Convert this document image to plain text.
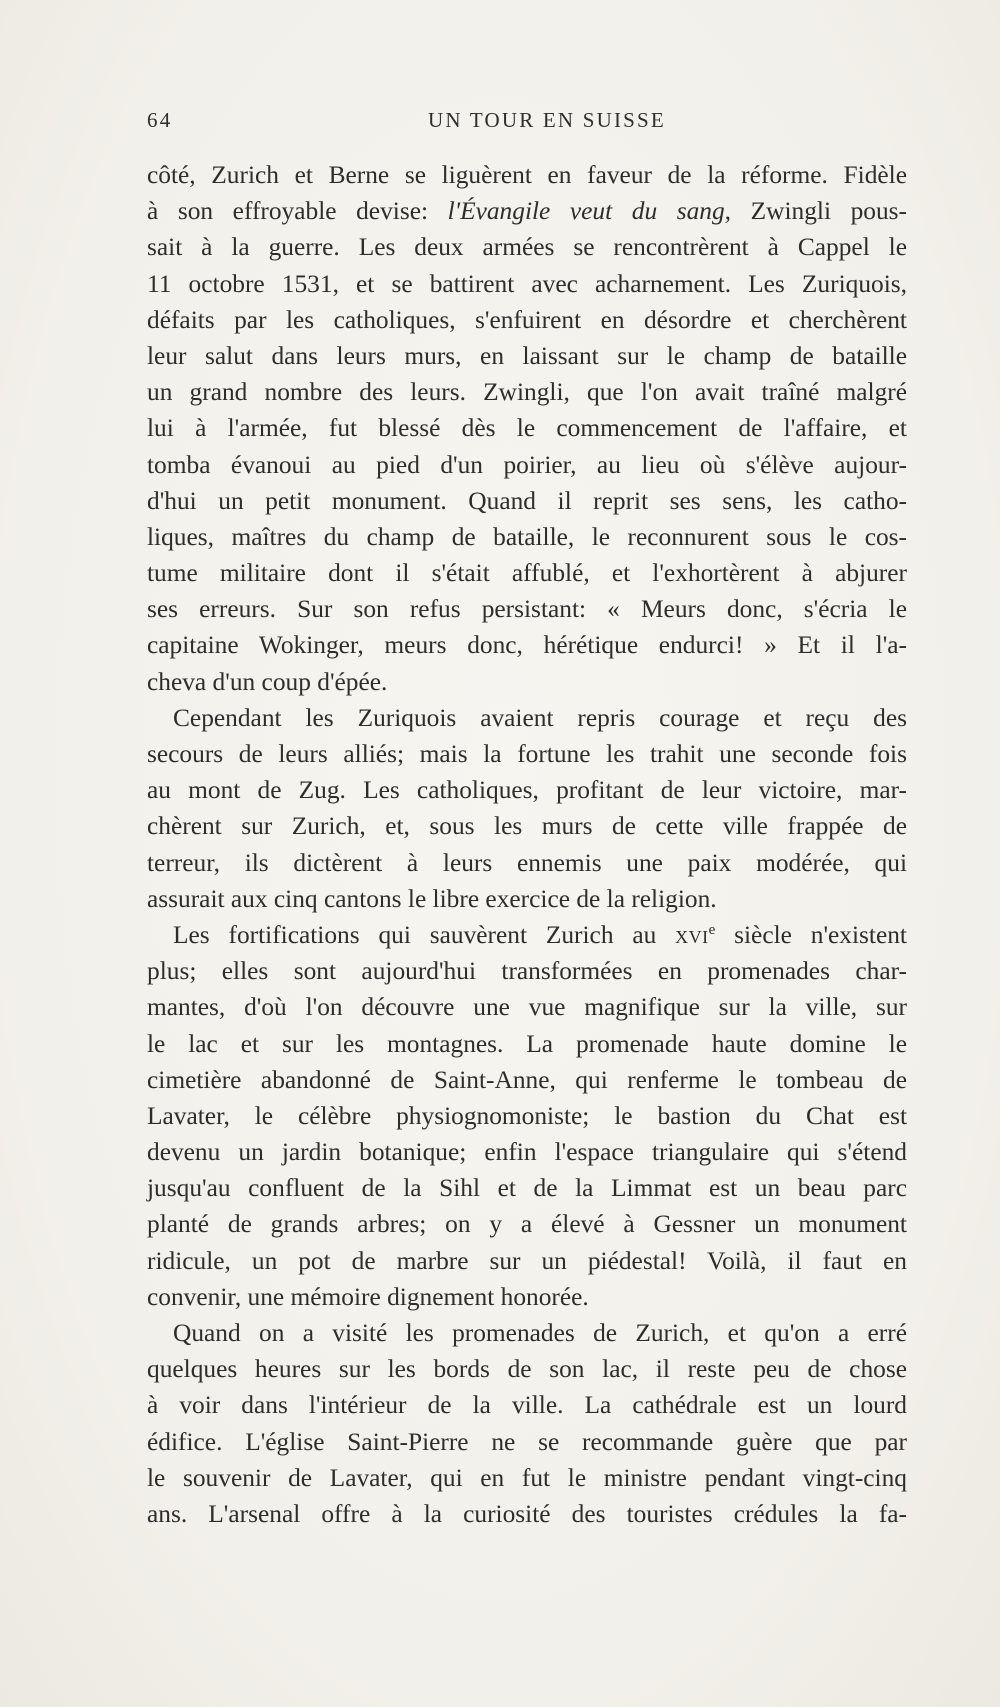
64	UN TOUR EN SUISSE
côté, Zurich et Berne se liguèrent en faveur de la réforme. Fidèle
à son effroyable devise: l'Évangile veut du sang, Zwingli pous-
sait à la guerre. Les deux armées se rencontrèrent à Cappel le
11 octobre 1531, et se battirent avec acharnement. Les Zuriquois,
défaits par les catholiques, s'enfuirent en désordre et cherchèrent
leur salut dans leurs murs, en laissant sur le champ de bataille
un grand nombre des leurs. Zwingli, que l'on avait traîné malgré
lui à l'armée, fut blessé dès le commencement de l'affaire, et
tomba évanoui au pied d'un poirier, au lieu où s'élève aujour-
d'hui un petit monument. Quand il reprit ses sens, les catho-
liques, maîtres du champ de bataille, le reconnurent sous le cos-
tume militaire dont il s'était affublé, et l'exhortèrent à abjurer
ses erreurs. Sur son refus persistant: « Meurs donc, s'écria le
capitaine Wokinger, meurs donc, hérétique endurci! » Et il l'a-
cheva d'un coup d'épée.
Cependant les Zuriquois avaient repris courage et reçu des
secours de leurs alliés; mais la fortune les trahit une seconde fois
au mont de Zug. Les catholiques, profitant de leur victoire, mar-
chèrent sur Zurich, et, sous les murs de cette ville frappée de
terreur, ils dictèrent à leurs ennemis une paix modérée, qui
assurait aux cinq cantons le libre exercice de la religion.
Les fortifications qui sauvèrent Zurich au XVIe siècle n'existent
plus; elles sont aujourd'hui transformées en promenades char-
mantes, d'où l'on découvre une vue magnifique sur la ville, sur
le lac et sur les montagnes. La promenade haute domine le
cimetière abandonné de Saint-Anne, qui renferme le tombeau de
Lavater, le célèbre physiognomoniste; le bastion du Chat est
devenu un jardin botanique; enfin l'espace triangulaire qui s'étend
jusqu'au confluent de la Sihl et de la Limmat est un beau parc
planté de grands arbres; on y a élevé à Gessner un monument
ridicule, un pot de marbre sur un piédestal! Voilà, il faut en
convenir, une mémoire dignement honorée.
Quand on a visité les promenades de Zurich, et qu'on a erré
quelques heures sur les bords de son lac, il reste peu de chose
à voir dans l'intérieur de la ville. La cathédrale est un lourd
édifice. L'église Saint-Pierre ne se recommande guère que par
le souvenir de Lavater, qui en fut le ministre pendant vingt-cinq
ans. L'arsenal offre à la curiosité des touristes crédules la fa-
